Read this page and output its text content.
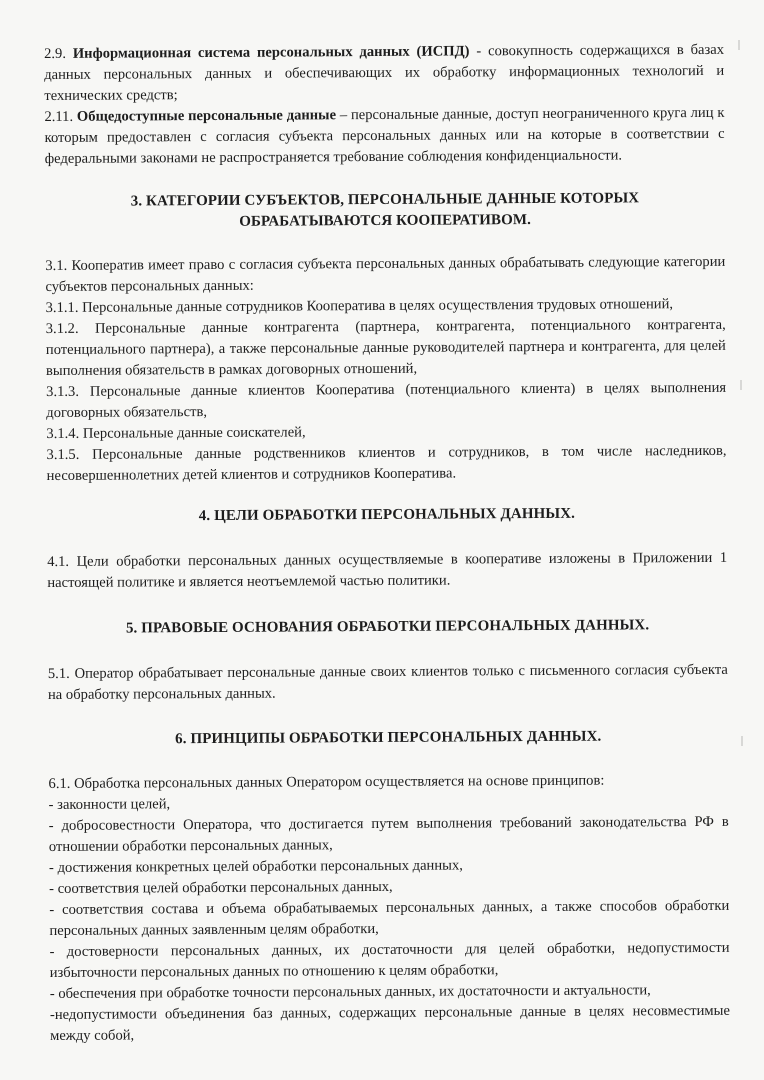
2.9. Информационная система персональных данных (ИСПД) - совокупность содержащихся в базах данных персональных данных и обеспечивающих их обработку информационных технологий и технических средств;

2.11. Общедоступные персональные данные – персональные данные, доступ неограниченного круга лиц к которым предоставлен с согласия субъекта персональных данных или на которые в соответствии с федеральными законами не распространяется требование соблюдения конфиденциальности.

3. КАТЕГОРИИ СУБЪЕКТОВ, ПЕРСОНАЛЬНЫЕ ДАННЫЕ КОТОРЫХ
ОБРАБАТЫВАЮТСЯ КООПЕРАТИВОМ.

3.1. Кооператив имеет право с согласия субъекта персональных данных обрабатывать следующие категории субъектов персональных данных:

3.1.1. Персональные данные сотрудников Кооператива в целях осуществления трудовых отношений,

3.1.2. Персональные данные контрагента (партнера, контрагента, потенциального контрагента, потенциального партнера), а также персональные данные руководителей партнера и контрагента, для целей выполнения обязательств в рамках договорных отношений,

3.1.3. Персональные данные клиентов Кооператива (потенциального клиента) в целях выполнения договорных обязательств,

3.1.4. Персональные данные соискателей,

3.1.5. Персональные данные родственников клиентов и сотрудников, в том числе наследников, несовершеннолетних детей клиентов и сотрудников Кооператива.

4. ЦЕЛИ ОБРАБОТКИ ПЕРСОНАЛЬНЫХ ДАННЫХ.

4.1. Цели обработки персональных данных осуществляемые в кооперативе изложены в Приложении 1 настоящей политике и является неотъемлемой частью политики.

5. ПРАВОВЫЕ ОСНОВАНИЯ ОБРАБОТКИ ПЕРСОНАЛЬНЫХ ДАННЫХ.

5.1. Оператор обрабатывает персональные данные своих клиентов только с письменного согласия субъекта на обработку персональных данных.

6. ПРИНЦИПЫ ОБРАБОТКИ ПЕРСОНАЛЬНЫХ ДАННЫХ.

6.1. Обработка персональных данных Оператором осуществляется на основе принципов:

- законности целей,

- добросовестности Оператора, что достигается путем выполнения требований законодательства РФ в отношении обработки персональных данных,

- достижения конкретных целей обработки персональных данных,

- соответствия целей обработки персональных данных,

- соответствия состава и объема обрабатываемых персональных данных, а также способов обработки персональных данных заявленным целям обработки,

- достоверности персональных данных, их достаточности для целей обработки, недопустимости избыточности персональных данных по отношению к целям обработки,

- обеспечения при обработке точности персональных данных, их достаточности и актуальности,

-недопустимости объединения баз данных, содержащих персональные данные в целях несовместимые между собой,
